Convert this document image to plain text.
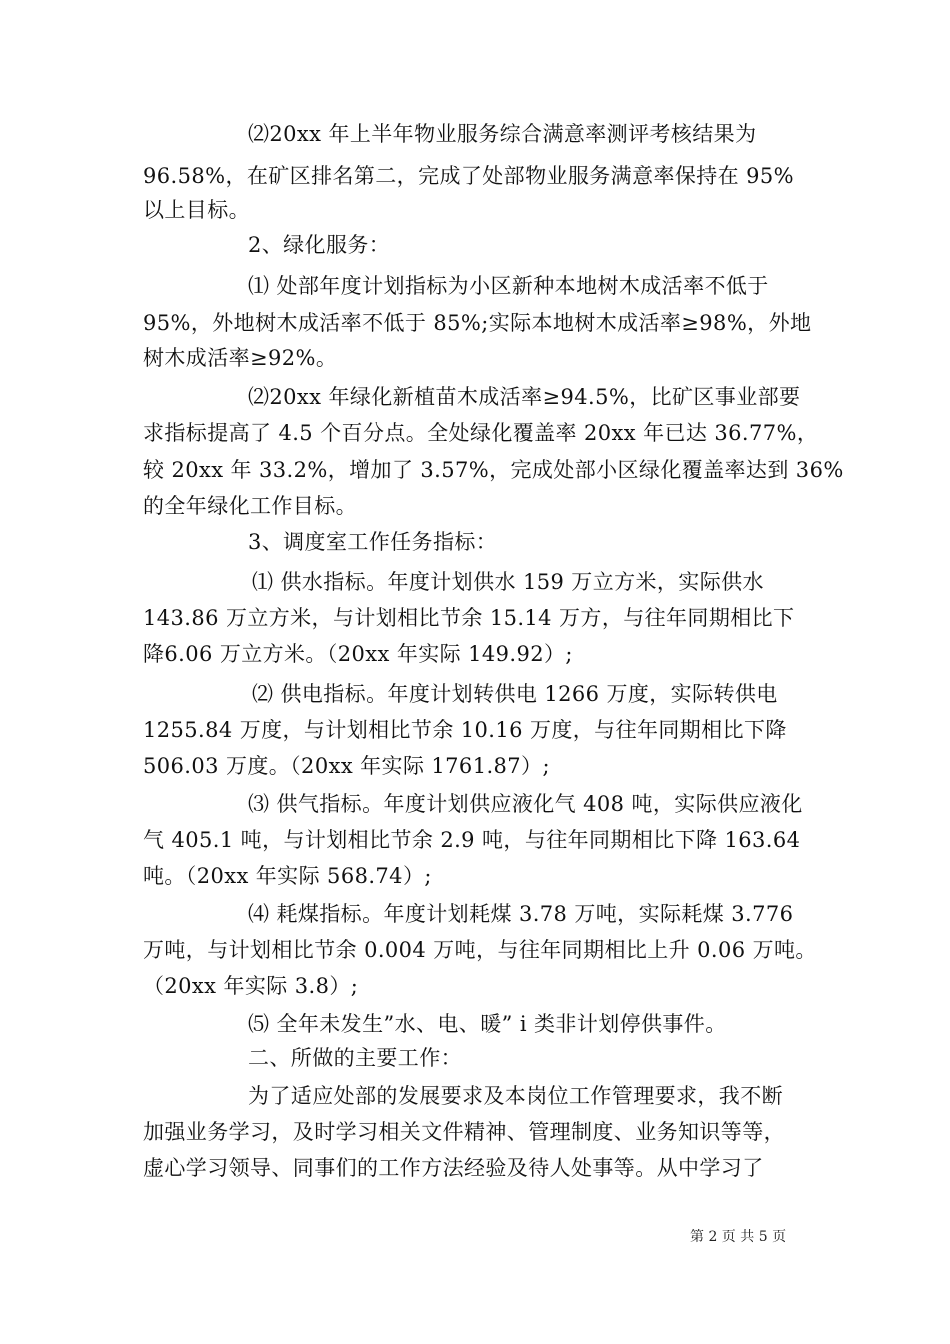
⑵20xx 年上半年物业服务综合满意率测评考核结果为
96.58%，在矿区排名第二，完成了处部物业服务满意率保持在 95%
以上目标。
2、绿化服务：
⑴ 处部年度计划指标为小区新种本地树木成活率不低于
95%，外地树木成活率不低于 85%;实际本地树木成活率≥98%，外地
树木成活率≥92%。
⑵20xx 年绿化新植苗木成活率≥94.5%，比矿区事业部要
求指标提高了 4.5 个百分点。全处绿化覆盖率 20xx 年已达 36.77%，
较 20xx 年 33.2%，增加了 3.57%，完成处部小区绿化覆盖率达到 36%
的全年绿化工作目标。
3、调度室工作任务指标：
⑴ 供水指标。年度计划供水 159 万立方米，实际供水
143.86 万立方米，与计划相比节余 15.14 万方，与往年同期相比下
降6.06 万立方米。（20xx 年实际 149.92）;
⑵ 供电指标。年度计划转供电 1266 万度，实际转供电
1255.84 万度，与计划相比节余 10.16 万度，与往年同期相比下降
506.03 万度。（20xx 年实际 1761.87）;
⑶ 供气指标。年度计划供应液化气 408 吨，实际供应液化
气 405.1 吨，与计划相比节余 2.9 吨，与往年同期相比下降 163.64
吨。（20xx 年实际 568.74）;
⑷ 耗煤指标。年度计划耗煤 3.78 万吨，实际耗煤 3.776
万吨，与计划相比节余 0.004 万吨，与往年同期相比上升 0.06 万吨。
（20xx 年实际 3.8）;
⑸ 全年未发生”水、电、暖” i 类非计划停供事件。
二、所做的主要工作：
为了适应处部的发展要求及本岗位工作管理要求，我不断
加强业务学习，及时学习相关文件精神、管理制度、业务知识等等，
虚心学习领导、同事们的工作方法经验及待人处事等。从中学习了
第 2 页 共 5 页
